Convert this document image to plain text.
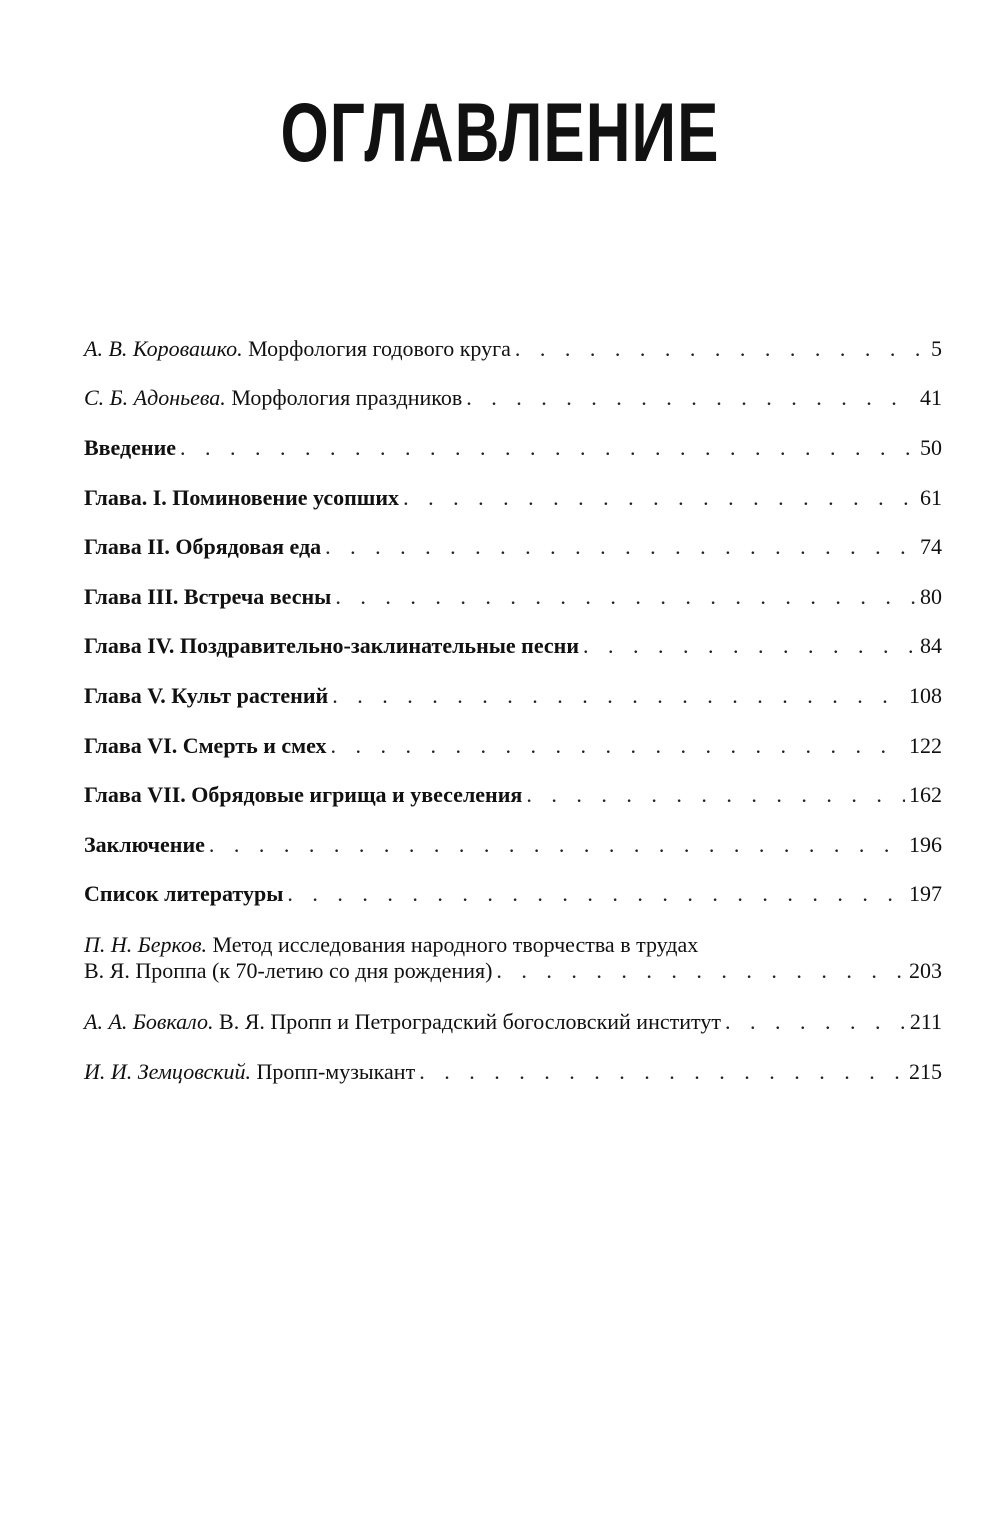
ОГЛАВЛЕНИЕ
А. В. Коровашко. Морфология годового круга . . .	5
С. Б. Адоньева. Морфология праздников . . .	41
Введение . . .	50
Глава. I. Поминовение усопших . . .	61
Глава II. Обрядовая еда . . .	74
Глава III. Встреча весны . . .	80
Глава IV. Поздравительно-заклинательные песни . . .	84
Глава V. Культ растений . . .	108
Глава VI. Смерть и смех . . .	122
Глава VII. Обрядовые игрища и увеселения . . .	162
Заключение . . .	196
Список литературы . . .	197
П. Н. Берков. Метод исследования народного творчества в трудах
В. Я. Проппа (к 70-летию со дня рождения) . . .	203
А. А. Бовкало. В. Я. Пропп и Петроградский богословский институт . . .	211
И. И. Земцовский. Пропп-музыкант . . .	215
